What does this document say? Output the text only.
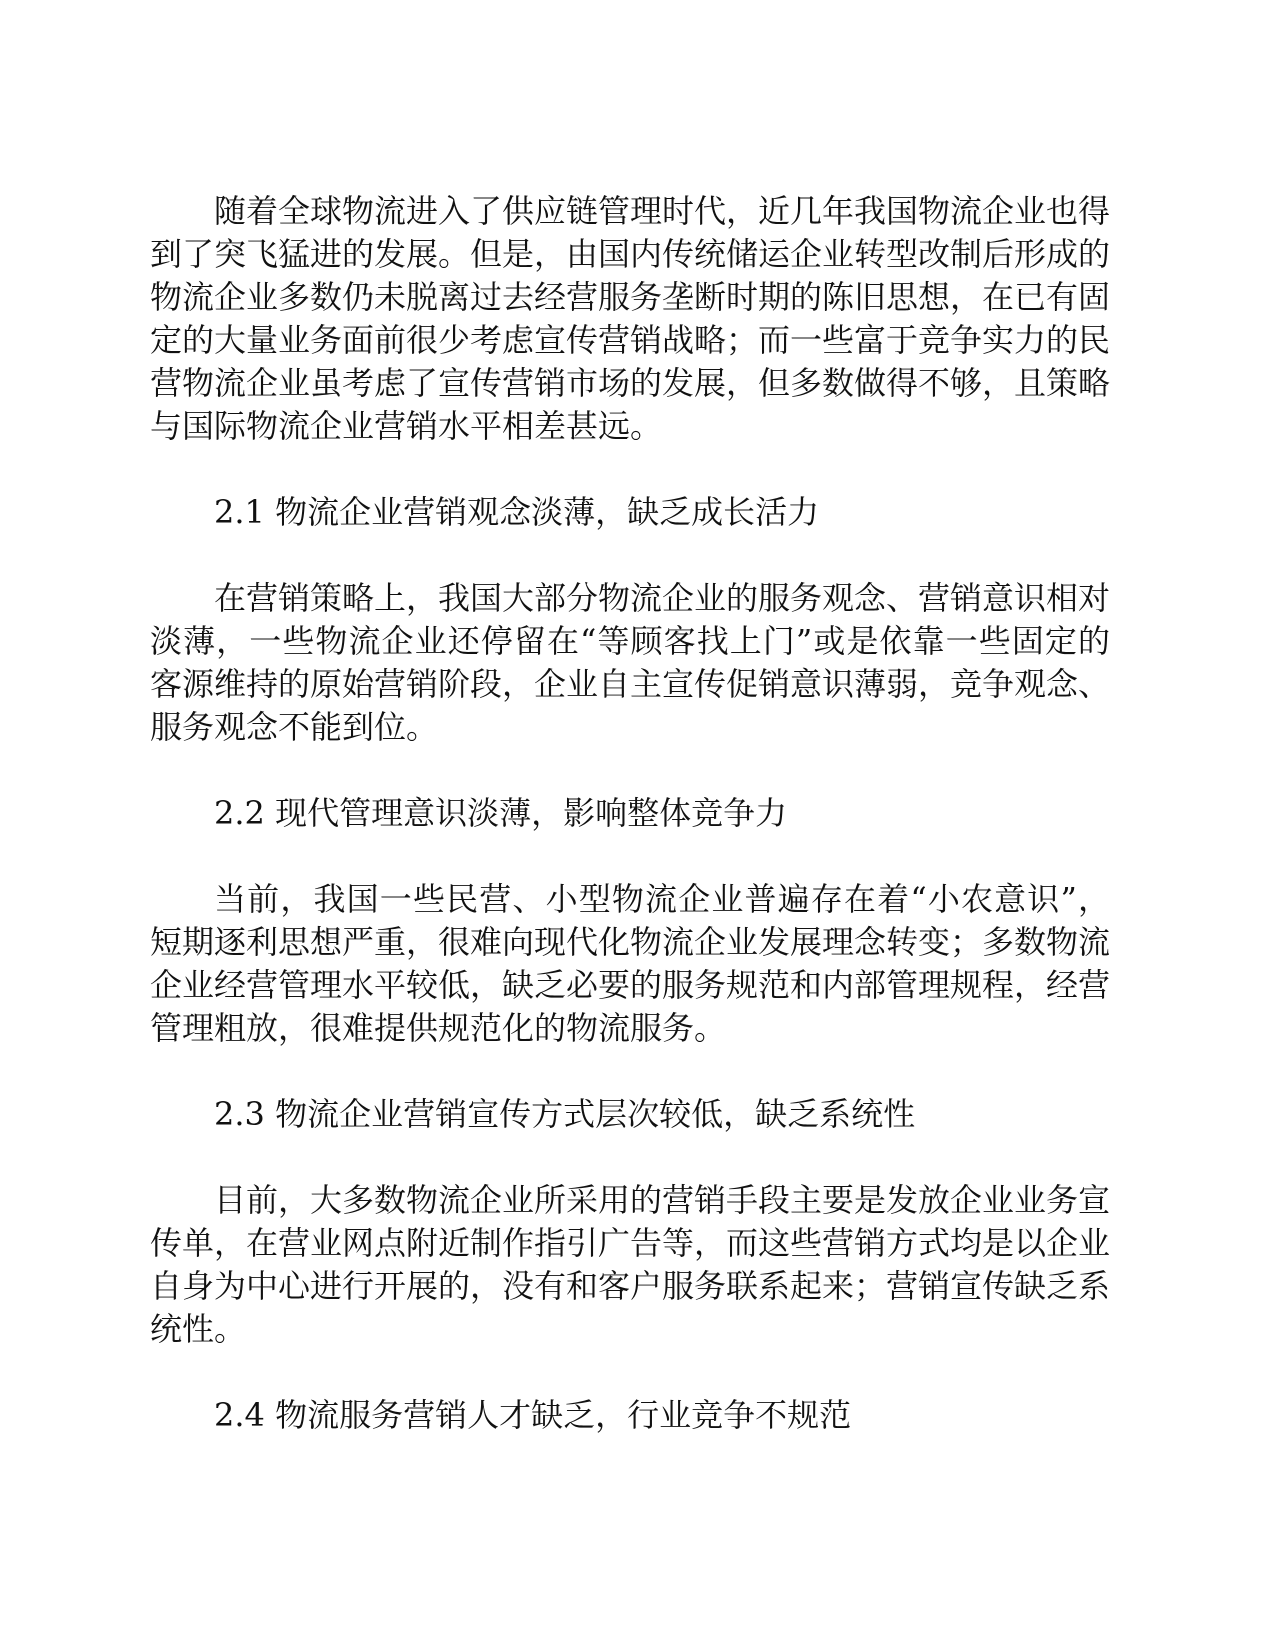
随着全球物流进入了供应链管理时代，近几年我国物流企业也得到了突飞猛进的发展。但是，由国内传统储运企业转型改制后形成的物流企业多数仍未脱离过去经营服务垄断时期的陈旧思想，在已有固定的大量业务面前很少考虑宣传营销战略；而一些富于竞争实力的民营物流企业虽考虑了宣传营销市场的发展，但多数做得不够，且策略与国际物流企业营销水平相差甚远。

2.1 物流企业营销观念淡薄，缺乏成长活力

在营销策略上，我国大部分物流企业的服务观念、营销意识相对淡薄，一些物流企业还停留在“等顾客找上门”或是依靠一些固定的客源维持的原始营销阶段，企业自主宣传促销意识薄弱，竞争观念、服务观念不能到位。

2.2 现代管理意识淡薄，影响整体竞争力

当前，我国一些民营、小型物流企业普遍存在着“小农意识”，短期逐利思想严重，很难向现代化物流企业发展理念转变；多数物流企业经营管理水平较低，缺乏必要的服务规范和内部管理规程，经营管理粗放，很难提供规范化的物流服务。

2.3 物流企业营销宣传方式层次较低，缺乏系统性

目前，大多数物流企业所采用的营销手段主要是发放企业业务宣传单，在营业网点附近制作指引广告等，而这些营销方式均是以企业自身为中心进行开展的，没有和客户服务联系起来；营销宣传缺乏系统性。

2.4 物流服务营销人才缺乏，行业竞争不规范
